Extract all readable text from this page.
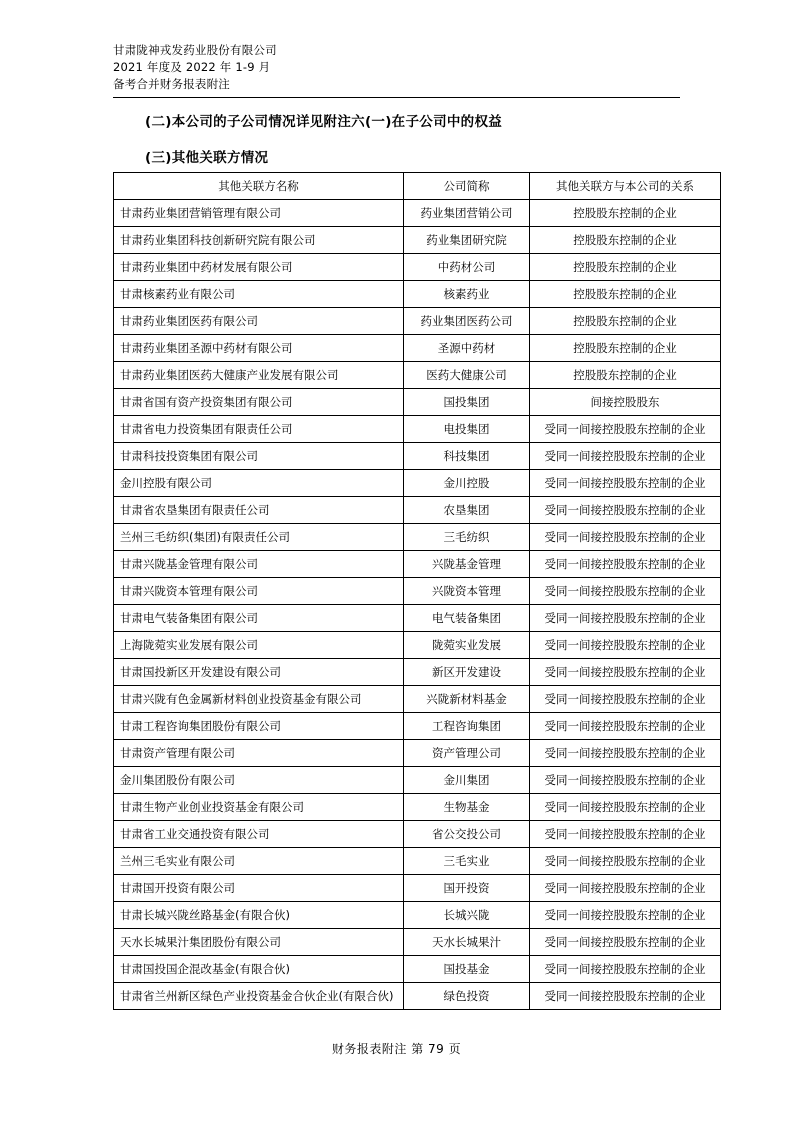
甘肃陇神戎发药业股份有限公司
2021 年度及 2022 年 1-9 月
备考合并财务报表附注
(二)本公司的子公司情况详见附注六(一)在子公司中的权益
(三)其他关联方情况
其他关联方名称	公司简称	其他关联方与本公司的关系
甘肃药业集团营销管理有限公司	药业集团营销公司	控股股东控制的企业
甘肃药业集团科技创新研究院有限公司	药业集团研究院	控股股东控制的企业
甘肃药业集团中药材发展有限公司	中药材公司	控股股东控制的企业
甘肃核素药业有限公司	核素药业	控股股东控制的企业
甘肃药业集团医药有限公司	药业集团医药公司	控股股东控制的企业
甘肃药业集团圣源中药材有限公司	圣源中药材	控股股东控制的企业
甘肃药业集团医药大健康产业发展有限公司	医药大健康公司	控股股东控制的企业
甘肃省国有资产投资集团有限公司	国投集团	间接控股股东
甘肃省电力投资集团有限责任公司	电投集团	受同一间接控股股东控制的企业
甘肃科技投资集团有限公司	科技集团	受同一间接控股股东控制的企业
金川控股有限公司	金川控股	受同一间接控股股东控制的企业
甘肃省农垦集团有限责任公司	农垦集团	受同一间接控股股东控制的企业
兰州三毛纺织(集团)有限责任公司	三毛纺织	受同一间接控股股东控制的企业
甘肃兴陇基金管理有限公司	兴陇基金管理	受同一间接控股股东控制的企业
甘肃兴陇资本管理有限公司	兴陇资本管理	受同一间接控股股东控制的企业
甘肃电气装备集团有限公司	电气装备集团	受同一间接控股股东控制的企业
上海陇菀实业发展有限公司	陇菀实业发展	受同一间接控股股东控制的企业
甘肃国投新区开发建设有限公司	新区开发建设	受同一间接控股股东控制的企业
甘肃兴陇有色金属新材料创业投资基金有限公司	兴陇新材料基金	受同一间接控股股东控制的企业
甘肃工程咨询集团股份有限公司	工程咨询集团	受同一间接控股股东控制的企业
甘肃资产管理有限公司	资产管理公司	受同一间接控股股东控制的企业
金川集团股份有限公司	金川集团	受同一间接控股股东控制的企业
甘肃生物产业创业投资基金有限公司	生物基金	受同一间接控股股东控制的企业
甘肃省工业交通投资有限公司	省公交投公司	受同一间接控股股东控制的企业
兰州三毛实业有限公司	三毛实业	受同一间接控股股东控制的企业
甘肃国开投资有限公司	国开投资	受同一间接控股股东控制的企业
甘肃长城兴陇丝路基金(有限合伙)	长城兴陇	受同一间接控股股东控制的企业
天水长城果汁集团股份有限公司	天水长城果汁	受同一间接控股股东控制的企业
甘肃国投国企混改基金(有限合伙)	国投基金	受同一间接控股股东控制的企业
甘肃省兰州新区绿色产业投资基金合伙企业(有限合伙)	绿色投资	受同一间接控股股东控制的企业
财务报表附注 第 79 页
